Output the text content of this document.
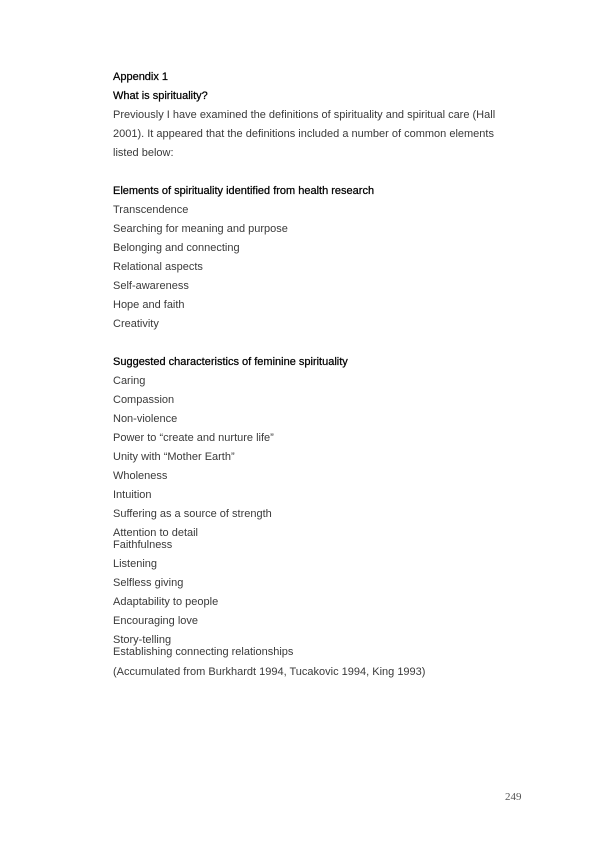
Appendix 1
What is spirituality?
Previously I have examined the definitions of spirituality and spiritual care (Hall
2001). It appeared that the definitions included a number of common elements
listed below:
Elements of spirituality identified from health research
Transcendence
Searching for meaning and purpose
Belonging and connecting
Relational aspects
Self-awareness
Hope and faith
Creativity
Suggested characteristics of feminine spirituality
Caring
Compassion
Non-violence
Power to “create and nurture life”
Unity with “Mother Earth”
Wholeness
Intuition
Suffering as a source of strength
Attention to detail
Faithfulness
Listening
Selfless giving
Adaptability to people
Encouraging love
Story-telling
Establishing connecting relationships
(Accumulated from Burkhardt 1994, Tucakovic 1994, King 1993)
249
